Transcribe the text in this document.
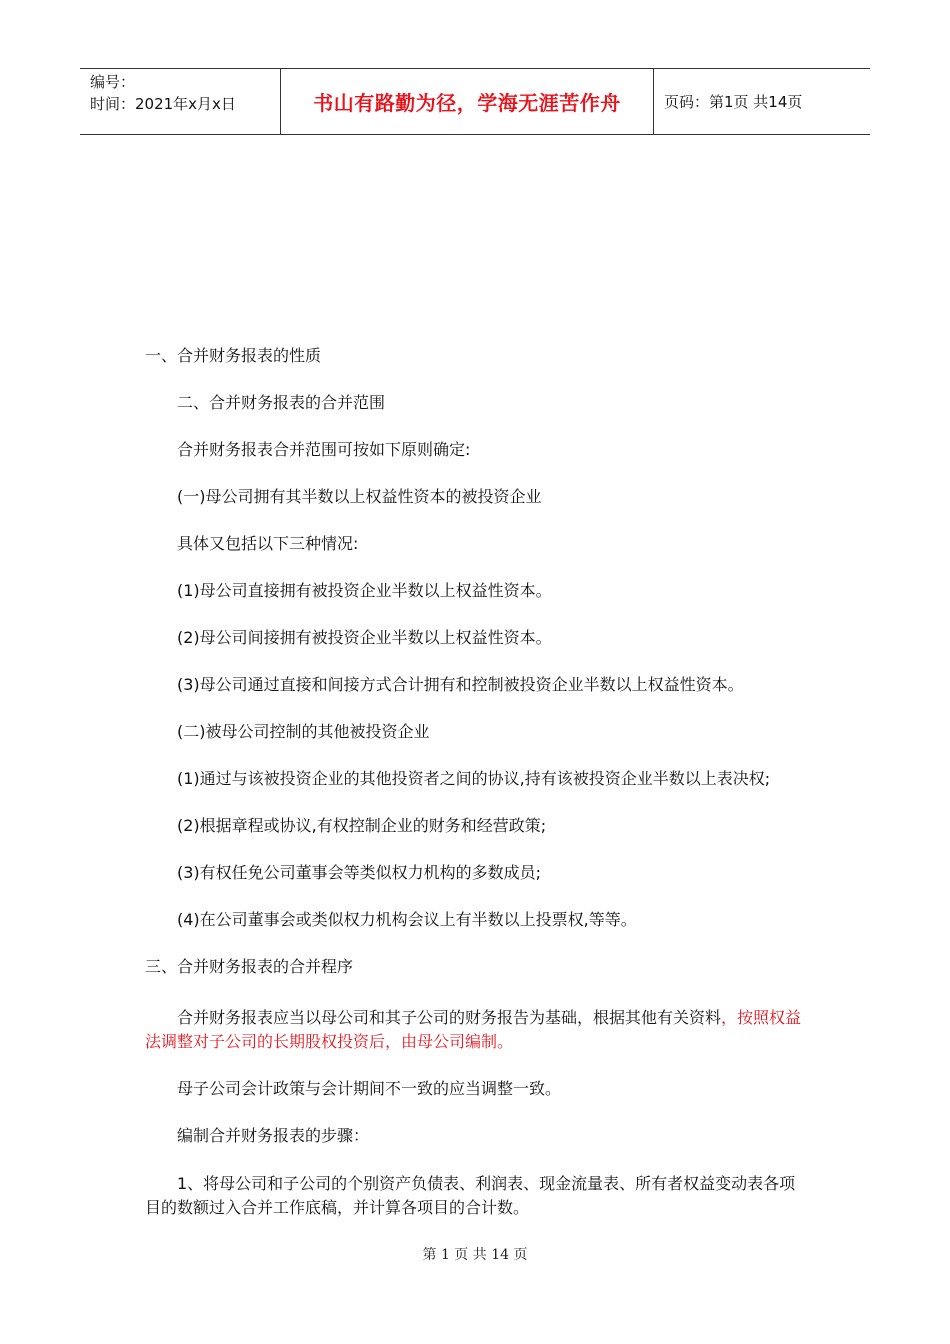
编号：
时间：2021年x月x日	书山有路勤为径，学海无涯苦作舟	页码：第1页 共14页
一、合并财务报表的性质
二、合并财务报表的合并范围
合并财务报表合并范围可按如下原则确定:
(一)母公司拥有其半数以上权益性资本的被投资企业
具体又包括以下三种情况:
(1)母公司直接拥有被投资企业半数以上权益性资本。
(2)母公司间接拥有被投资企业半数以上权益性资本。
(3)母公司通过直接和间接方式合计拥有和控制被投资企业半数以上权益性资本。
(二)被母公司控制的其他被投资企业
(1)通过与该被投资企业的其他投资者之间的协议,持有该被投资企业半数以上表决权;
(2)根据章程或协议,有权控制企业的财务和经营政策;
(3)有权任免公司董事会等类似权力机构的多数成员;
(4)在公司董事会或类似权力机构会议上有半数以上投票权,等等。
三、合并财务报表的合并程序
合并财务报表应当以母公司和其子公司的财务报告为基础，根据其他有关资料，按照权益法调整对子公司的长期股权投资后，由母公司编制。
母子公司会计政策与会计期间不一致的应当调整一致。
编制合并财务报表的步骤：
1、将母公司和子公司的个别资产负债表、利润表、现金流量表、所有者权益变动表各项目的数额过入合并工作底稿，并计算各项目的合计数。
第 1 页 共 14 页
